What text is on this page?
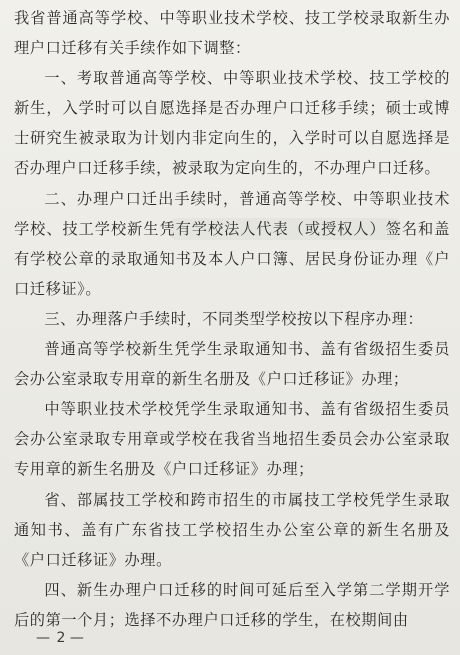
我省普通高等学校、中等职业技术学校、技工学校录取新生办理户口迁移有关手续作如下调整：

一、考取普通高等学校、中等职业技术学校、技工学校的新生，入学时可以自愿选择是否办理户口迁移手续；硕士或博士研究生被录取为计划内非定向生的，入学时可以自愿选择是否办理户口迁移手续，被录取为定向生的，不办理户口迁移。

二、办理户口迁出手续时，普通高等学校、中等职业技术学校、技工学校新生凭有学校法人代表（或授权人）签名和盖有学校公章的录取通知书及本人户口簿、居民身份证办理《户口迁移证》。

三、办理落户手续时，不同类型学校按以下程序办理：

普通高等学校新生凭学生录取通知书、盖有省级招生委员会办公室录取专用章的新生名册及《户口迁移证》办理；

中等职业技术学校凭学生录取通知书、盖有省级招生委员会办公室录取专用章或学校在我省当地招生委员会办公室录取专用章的新生名册及《户口迁移证》办理；

省、部属技工学校和跨市招生的市属技工学校凭学生录取通知书、盖有广东省技工学校招生办公室公章的新生名册及《户口迁移证》办理。

四、新生办理户口迁移的时间可延后至入学第二学期开学后的第一个月；选择不办理户口迁移的学生，在校期间由

— 2 —
